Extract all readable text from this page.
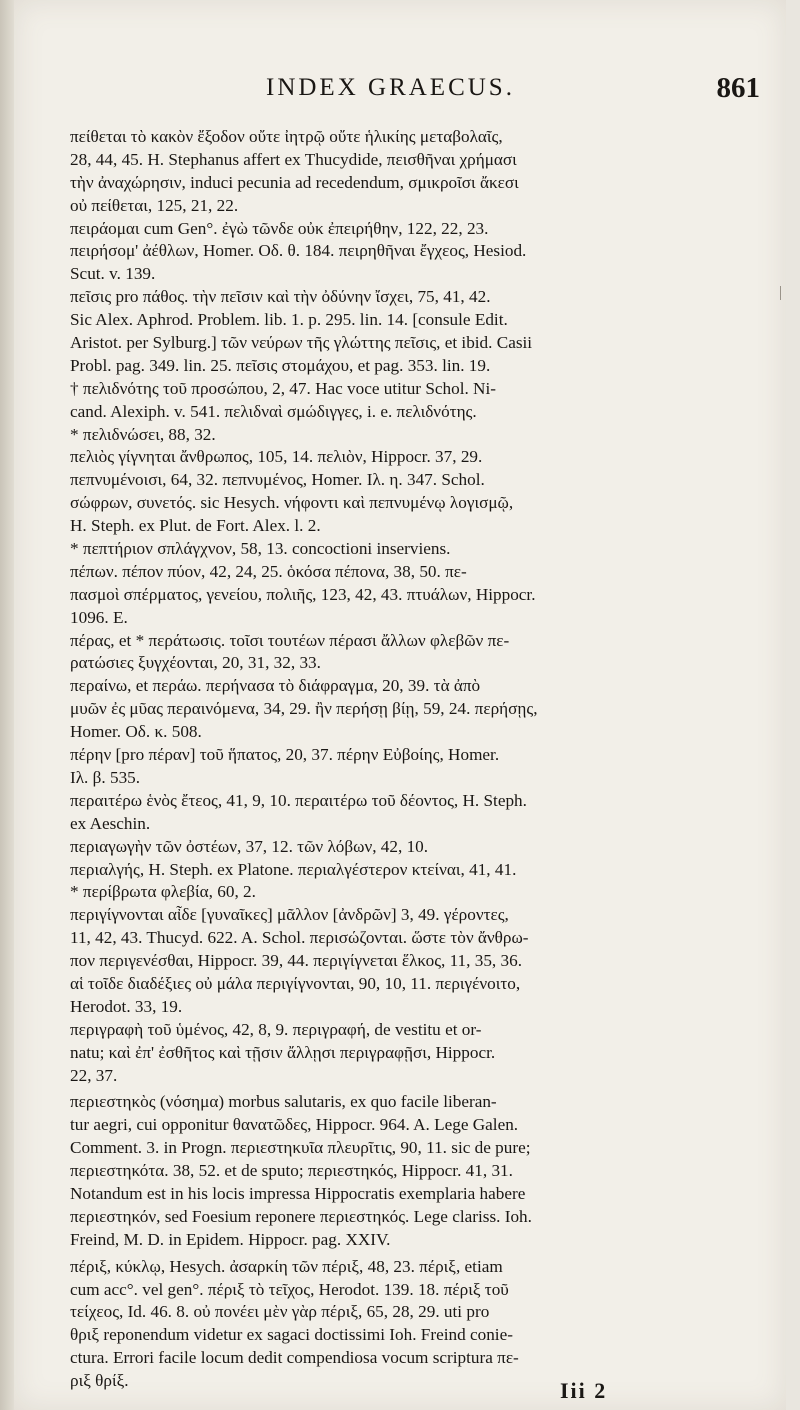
INDEX GRAECUS.	861
πείθεται τὸ κακὸν ἔξοδον οὔτε ἰητρῷ οὔτε ἡλικίης μεταβολαῖς,
28, 44, 45. H. Stephanus affert ex Thucydide, πεισθῆναι χρήμασι
τὴν ἀναχώρησιν, induci pecunia ad recedendum, σμικροῖσι ἄκεσι
οὐ πείθεται, 125, 21, 22.
πειράομαι cum Gen°. ἐγὼ τῶνδε οὐκ ἐπειρήθην, 122, 22, 23.
πειρήσομ' ἀέθλων, Homer. Οδ. θ. 184. πειρηθῆναι ἔγχεος, Hesiod.
Scut. v. 139.
πεῖσις pro πάθος. τὴν πεῖσιν καὶ τὴν ὀδύνην ἴσχει, 75, 41, 42.
Sic Alex. Aphrod. Problem. lib. 1. p. 295. lin. 14. [consule Edit.
Aristot. per Sylburg.] τῶν νεύρων τῆς γλώττης πεῖσις, et ibid. Casii
Probl. pag. 349. lin. 25. πεῖσις στομάχου, et pag. 353. lin. 19.
† πελιδνότης τοῦ προσώπου, 2, 47. Hac voce utitur Schol. Ni-
cand. Alexiph. v. 541. πελιδναὶ σμώδιγγες, i. e. πελιδνότης.
* πελιδνώσει, 88, 32.
πελιὸς γίγνηται ἄνθρωπος, 105, 14. πελιὸν, Hippocr. 37, 29.
πεπνυμένοισι, 64, 32. πεπνυμένος, Homer. Ιλ. η. 347. Schol.
σώφρων, συνετός. sic Hesych. νήφοντι καὶ πεπνυμένῳ λογισμῷ,
H. Steph. ex Plut. de Fort. Alex. l. 2.
* πεπτήριον σπλάγχνον, 58, 13. concoctioni inserviens.
πέπων. πέπον πύον, 42, 24, 25. ὁκόσα πέπονα, 38, 50. πε-
πασμοὶ σπέρματος, γενείου, πολιῆς, 123, 42, 43. πτυάλων, Hippocr.
1096. E.
πέρας, et * περάτωσις. τοῖσι τουτέων πέρασι ἄλλων φλεβῶν πε-
ρατώσιες ξυγχέονται, 20, 31, 32, 33.
περαίνω, et περάω. περήνασα τὸ διάφραγμα, 20, 39. τὰ ἀπὸ
μυῶν ἐς μῦας περαινόμενα, 34, 29. ἢν περήσῃ βίῃ, 59, 24. περήσῃς,
Homer. Οδ. κ. 508.
πέρην [pro πέραν] τοῦ ἥπατος, 20, 37. πέρην Εὐβοίης, Homer.
Ιλ. β. 535.
περαιτέρω ἑνὸς ἔτεος, 41, 9, 10. περαιτέρω τοῦ δέοντος, H. Steph.
ex Aeschin.
περιαγωγὴν τῶν ὀστέων, 37, 12. τῶν λόβων, 42, 10.
περιαλγής, H. Steph. ex Platone. περιαλγέστερον κτείναι, 41, 41.
* περίβρωτα φλεβία, 60, 2.
περιγίγνονται αἶδε [γυναῖκες] μᾶλλον [ἀνδρῶν] 3, 49. γέροντες,
11, 42, 43. Thucyd. 622. A. Schol. περισώζονται. ὥστε τὸν ἄνθρω-
πον περιγενέσθαι, Hippocr. 39, 44. περιγίγνεται ἕλκος, 11, 35, 36.
αἱ τοῖδε διαδέξιες οὐ μάλα περιγίγνονται, 90, 10, 11. περιγένοιτο,
Herodot. 33, 19.
περιγραφὴ τοῦ ὑμένος, 42, 8, 9. περιγραφή, de vestitu et or-
natu; καὶ ἐπ' ἐσθῆτος καὶ τῇσιν ἄλλῃσι περιγραφῇσι, Hippocr.
22, 37.
περιεστηκὸς (νόσημα) morbus salutaris, ex quo facile liberan-
tur aegri, cui opponitur θανατῶδες, Hippocr. 964. A. Lege Galen.
Comment. 3. in Progn. περιεστηκυῖα πλευρῖτις, 90, 11. sic de pure;
περιεστηκότα. 38, 52. et de sputo; περιεστηκός, Hippocr. 41, 31.
Notandum est in his locis impressa Hippocratis exemplaria habere
περιεστηκόν, sed Foesium reponere περιεστηκός. Lege clariss. Ioh.
Freind, M. D. in Epidem. Hippocr. pag. XXIV.
πέριξ, κύκλῳ, Hesych. ἀσαρκίη τῶν πέριξ, 48, 23. πέριξ, etiam
cum acc°. vel gen°. πέριξ τὸ τεῖχος, Herodot. 139. 18. πέριξ τοῦ
τείχεος, Id. 46. 8. οὐ πονέει μὲν γὰρ πέριξ, 65, 28, 29. uti pro
θριξ reponendum videtur ex sagaci doctissimi Ioh. Freind conie-
ctura. Errori facile locum dedit compendiosa vocum scriptura πε-
ριξ θρίξ.	Iii 2
